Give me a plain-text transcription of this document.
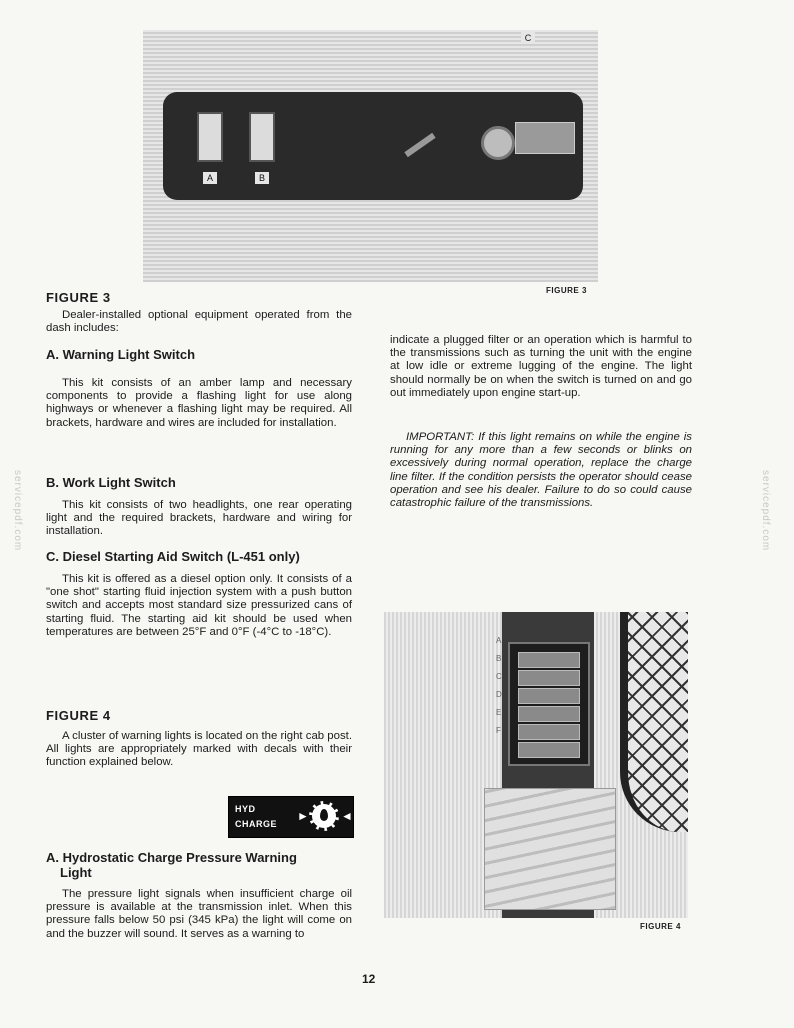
servicepdf.com	servicepdf.com
A	B
C
FIGURE 3
FIGURE 3

Dealer-installed optional equipment operated from the dash includes:

A. Warning Light Switch

This kit consists of an amber lamp and necessary components to provide a flashing light for use along highways or whenever a flashing light may be required. All brackets, hardware and wires are included for installation.

B. Work Light Switch

This kit consists of two headlights, one rear operating light and the required brackets, hardware and wiring for installation.

C. Diesel Starting Aid Switch (L-451 only)

This kit is offered as a diesel option only. It consists of a "one shot" starting fluid injection system with a push button switch and accepts most standard size pressurized cans of starting fluid. The starting aid kit should be used when temperatures are between 25°F and 0°F (-4°C to -18°C).

FIGURE 4

A cluster of warning lights is located on the right cab post. All lights are appropriately marked with decals with their function explained below.

HYD
CHARGE
►	◄
A. Hydrostatic Charge Pressure Warning
Light

The pressure light signals when insufficient charge oil pressure is available at the transmission inlet. When this pressure falls below 50 psi (345 kPa) the light will come on and the buzzer will sound. It serves as a warning to

indicate a plugged filter or an operation which is harmful to the transmissions such as turning the unit with the engine at low idle or extreme lugging of the engine. The light should normally be on when the switch is turned on and go out immediately upon engine start-up.

IMPORTANT: If this light remains on while the engine is running for any more than a few seconds or blinks on excessively during normal operation, replace the charge line filter. If the condition persists the operator should cease operation and see his dealer. Failure to do so could cause catastrophic failure of the transmissions.

A
B
C
D
E
F
FIGURE 4
12
